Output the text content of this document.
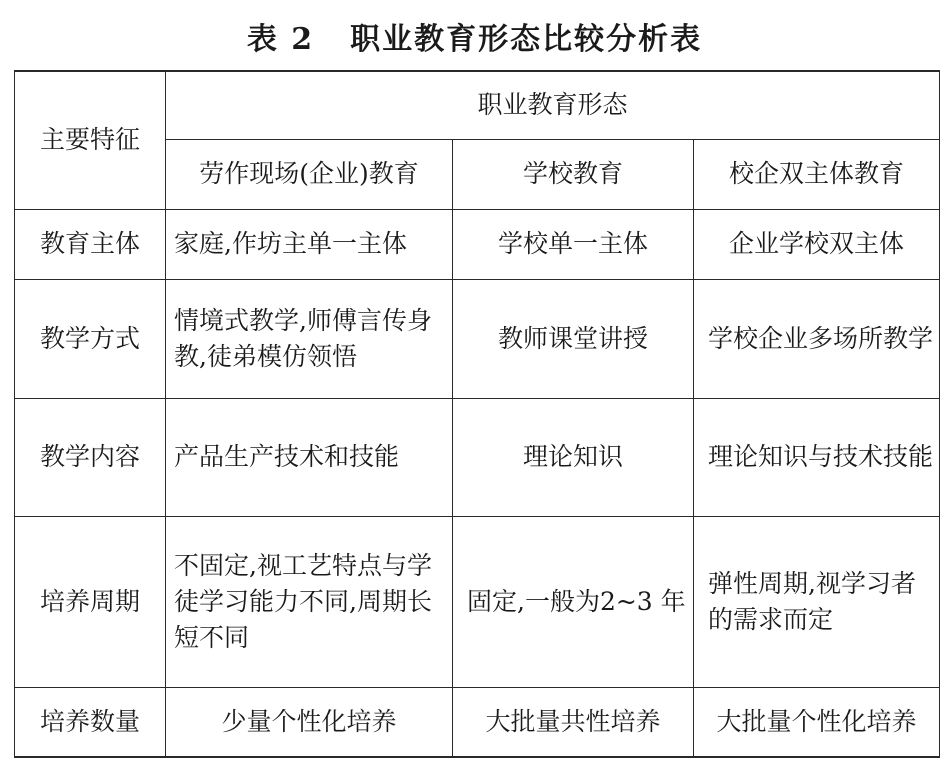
表 2 职业教育形态比较分析表
主要特征	职业教育形态		
	劳作现场(企业)教育	学校教育	校企双主体教育
教育主体	家庭,作坊主单一主体	学校单一主体	企业学校双主体
教学方式	情境式教学,师傅言传身教,徒弟模仿领悟	教师课堂讲授	学校企业多场所教学
教学内容	产品生产技术和技能	理论知识	理论知识与技术技能
培养周期	不固定,视工艺特点与学徒学习能力不同,周期长短不同	固定,一般为2~3 年	弹性周期,视学习者的需求而定
培养数量	少量个性化培养	大批量共性培养	大批量个性化培养
